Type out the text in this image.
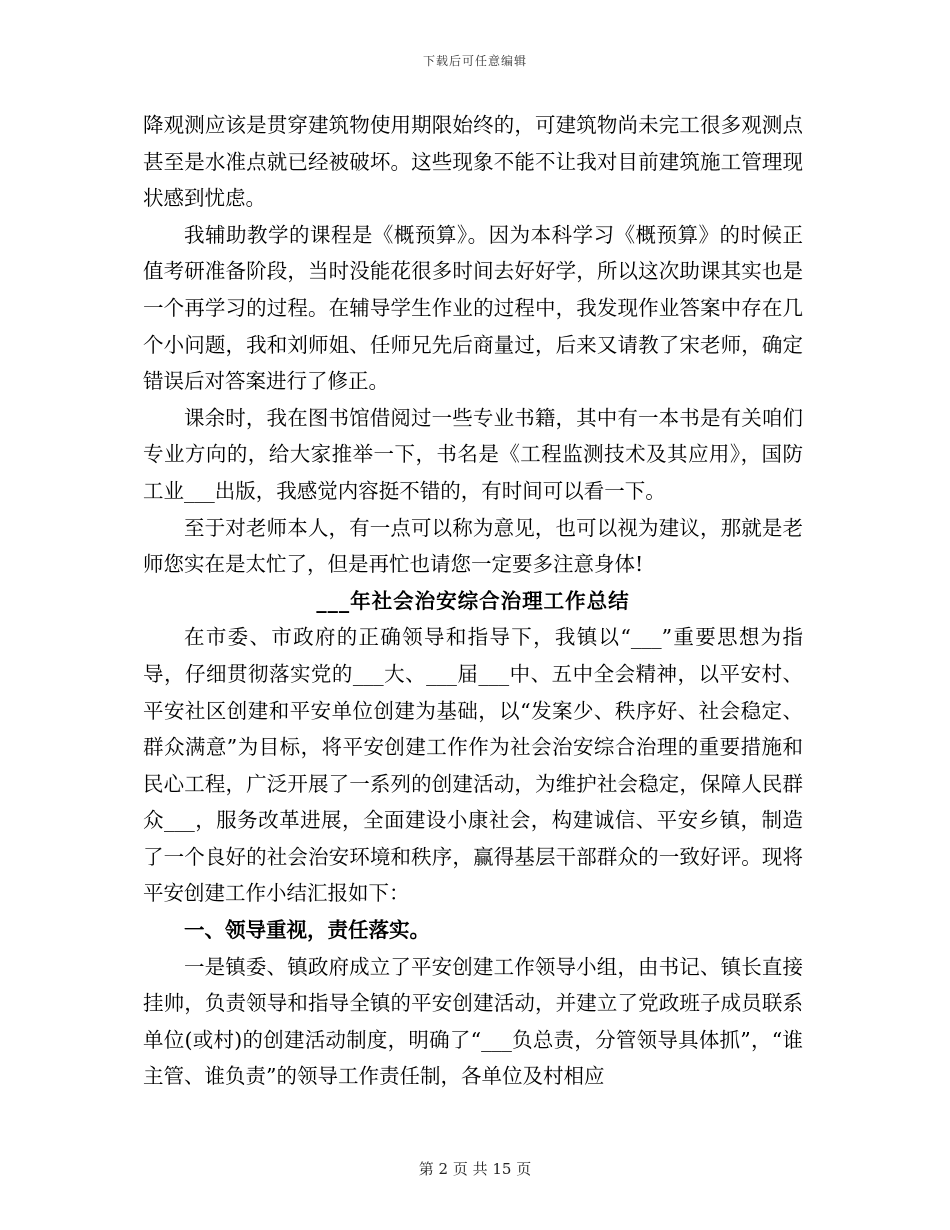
下载后可任意编辑

降观测应该是贯穿建筑物使用期限始终的，可建筑物尚未完工很多观测点甚至是水准点就已经被破坏。这些现象不能不让我对目前建筑施工管理现状感到忧虑。

我辅助教学的课程是《概预算》。因为本科学习《概预算》的时候正值考研准备阶段，当时没能花很多时间去好好学，所以这次助课其实也是一个再学习的过程。在辅导学生作业的过程中，我发现作业答案中存在几个小问题，我和刘师姐、任师兄先后商量过，后来又请教了宋老师，确定错误后对答案进行了修正。

课余时，我在图书馆借阅过一些专业书籍，其中有一本书是有关咱们专业方向的，给大家推举一下，书名是《工程监测技术及其应用》，国防工业___出版，我感觉内容挺不错的，有时间可以看一下。

至于对老师本人，有一点可以称为意见，也可以视为建议，那就是老师您实在是太忙了，但是再忙也请您一定要多注意身体!

___年社会治安综合治理工作总结

在市委、市政府的正确领导和指导下，我镇以“___”重要思想为指导，仔细贯彻落实党的___大、___届___中、五中全会精神，以平安村、平安社区创建和平安单位创建为基础，以“发案少、秩序好、社会稳定、群众满意”为目标，将平安创建工作作为社会治安综合治理的重要措施和民心工程，广泛开展了一系列的创建活动，为维护社会稳定，保障人民群众___，服务改革进展，全面建设小康社会，构建诚信、平安乡镇，制造了一个良好的社会治安环境和秩序，赢得基层干部群众的一致好评。现将平安创建工作小结汇报如下：

一、领导重视，责任落实。

一是镇委、镇政府成立了平安创建工作领导小组，由书记、镇长直接挂帅，负责领导和指导全镇的平安创建活动，并建立了党政班子成员联系单位(或村)的创建活动制度，明确了“___负总责，分管领导具体抓”，“谁主管、谁负责”的领导工作责任制，各单位及村相应

第 2 页 共 15 页
